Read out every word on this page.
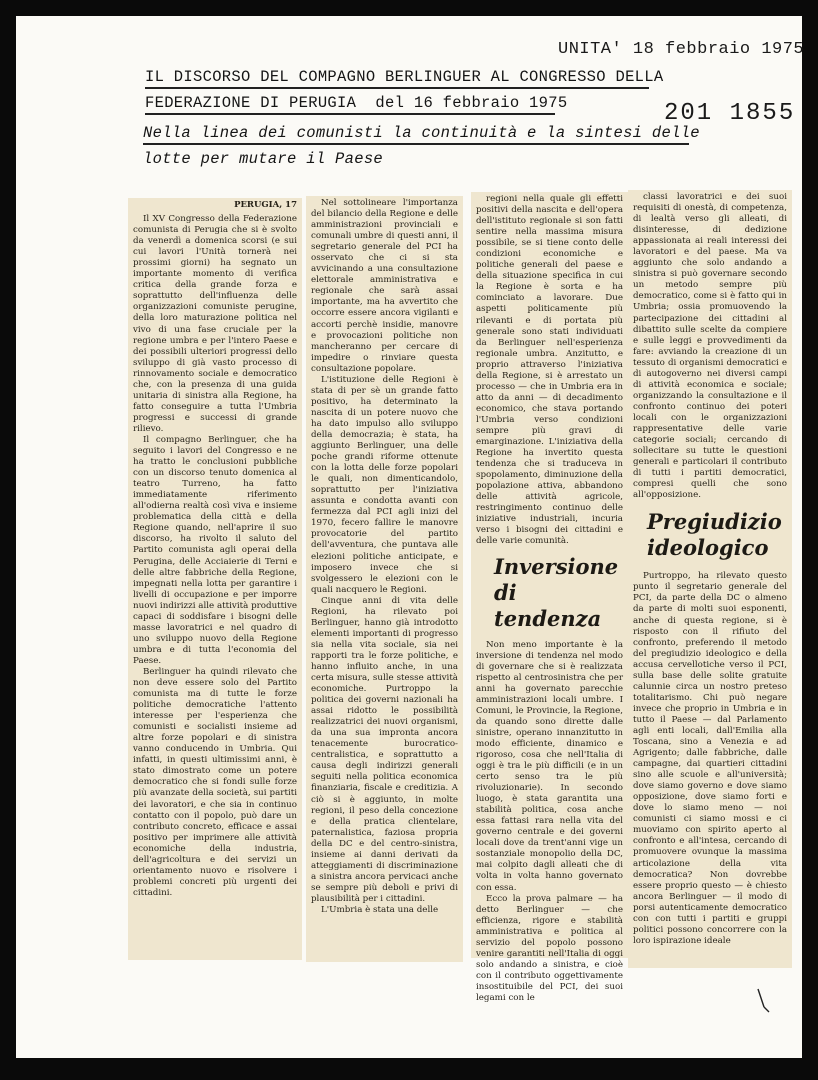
UNITA' 18 febbraio 1975
201 1855
IL DISCORSO DEL COMPAGNO BERLINGUER AL CONGRESSO DELLA
FEDERAZIONE DI PERUGIA  del 16 febbraio 1975
Nella linea dei comunisti la continuità e la sintesi delle
lotte per mutare il Paese
PERUGIA, 17

Il XV Congresso della Federazione comunista di Perugia che si è svolto da venerdì a domenica scorsi (e sui cui lavori l'Unità tornerà nei prossimi giorni) ha segnato un importante momento di verifica critica della grande forza e soprattutto dell'influenza delle organizzazioni comuniste perugine, della loro maturazione politica nel vivo di una fase cruciale per la regione umbra e per l'intero Paese e dei possibili ulteriori progressi dello sviluppo di già vasto processo di rinnovamento sociale e democratico che, con la presenza di una guida unitaria di sinistra alla Regione, ha fatto conseguire a tutta l'Umbria progressi e successi di grande rilievo.

Il compagno Berlinguer, che ha seguito i lavori del Congresso e ne ha tratto le conclusioni pubbliche con un discorso tenuto domenica al teatro Turreno, ha fatto immediatamente riferimento all'odierna realtà così viva e insieme problematica della città e della Regione quando, nell'aprire il suo discorso, ha rivolto il saluto del Partito comunista agli operai della Perugina, delle Acciaierie di Terni e delle altre fabbriche della Regione, impegnati nella lotta per garantire i livelli di occupazione e per imporre nuovi indirizzi alle attività produttive capaci di soddisfare i bisogni delle masse lavoratrici e nel quadro di uno sviluppo nuovo della Regione umbra e di tutta l'economia del Paese.

Berlinguer ha quindi rilevato che non deve essere solo del Partito comunista ma di tutte le forze politiche democratiche l'attento interesse per l'esperienza che comunisti e socialisti insieme ad altre forze popolari e di sinistra vanno conducendo in Umbria. Qui infatti, in questi ultimissimi anni, è stato dimostrato come un potere democratico che si fondi sulle forze più avanzate della società, sui partiti dei lavoratori, e che sia in continuo contatto con il popolo, può dare un contributo concreto, efficace e assai positivo per imprimere alle attività economiche della industria, dell'agricoltura e dei servizi un orientamento nuovo e risolvere i problemi concreti più urgenti dei cittadini.

Nel sottolineare l'importanza del bilancio della Regione e delle amministrazioni provinciali e comunali umbre di questi anni, il segretario generale del PCI ha osservato che ci si sta avvicinando a una consultazione elettorale amministrativa e regionale che sarà assai importante, ma ha avvertito che occorre essere ancora vigilanti e accorti perchè insidie, manovre e provocazioni politiche non mancheranno per cercare di impedire o rinviare questa consultazione popolare.

L'istituzione delle Regioni è stata di per sè un grande fatto positivo, ha determinato la nascita di un potere nuovo che ha dato impulso allo sviluppo della democrazia; è stata, ha aggiunto Berlinguer, una delle poche grandi riforme ottenute con la lotta delle forze popolari le quali, non dimenticandolo, soprattutto per l'iniziativa assunta e condotta avanti con fermezza dal PCI agli inizi del 1970, fecero fallire le manovre provocatorie del partito dell'avventura, che puntava alle elezioni politiche anticipate, e imposero invece che si svolgessero le elezioni con le quali nacquero le Regioni.

Cinque anni di vita delle Regioni, ha rilevato poi Berlinguer, hanno già introdotto elementi importanti di progresso sia nella vita sociale, sia nei rapporti tra le forze politiche, e hanno influito anche, in una certa misura, sulle stesse attività economiche. Purtroppo la politica dei governi nazionali ha assai ridotto le possibilità realizzatrici dei nuovi organismi, da una sua impronta ancora tenacemente burocratico-centralistica, e soprattutto a causa degli indirizzi generali seguiti nella politica economica finanziaria, fiscale e creditizia. A ciò si è aggiunto, in molte regioni, il peso della concezione e della pratica clientelare, paternalistica, faziosa propria della DC e del centro-sinistra, insieme ai danni derivati da atteggiamenti di discriminazione a sinistra ancora pervicaci anche se sempre più deboli e privi di plausibilità per i cittadini.

L'Umbria è stata una delle

regioni nella quale gli effetti positivi della nascita e dell'opera dell'istituto regionale si son fatti sentire nella massima misura possibile, se si tiene conto delle condizioni economiche e politiche generali del paese e della situazione specifica in cui la Regione è sorta e ha cominciato a lavorare. Due aspetti politicamente più rilevanti e di portata più generale sono stati individuati da Berlinguer nell'esperienza regionale umbra. Anzitutto, e proprio attraverso l'iniziativa della Regione, si è arrestato un processo — che in Umbria era in atto da anni — di decadimento economico, che stava portando l'Umbria verso condizioni sempre più gravi di emarginazione. L'iniziativa della Regione ha invertito questa tendenza che si traduceva in spopolamento, diminuzione della popolazione attiva, abbandono delle attività agricole, restringimento continuo delle iniziative industriali, incuria verso i bisogni dei cittadini e delle varie comunità.

Inversione di tendenza

Non meno importante è la inversione di tendenza nel modo di governare che si è realizzata rispetto al centrosinistra che per anni ha governato parecchie amministrazioni locali umbre. I Comuni, le Provincie, la Regione, da quando sono dirette dalle sinistre, operano innanzitutto in modo efficiente, dinamico e rigoroso, cosa che nell'Italia di oggi è tra le più difficili (e in un certo senso tra le più rivoluzionarie). In secondo luogo, è stata garantita una stabilità politica, cosa anche essa fattasi rara nella vita del governo centrale e dei governi locali dove da trent'anni vige un sostanziale monopolio della DC, mai colpito dagli alleati che di volta in volta hanno governato con essa.

Ecco la prova palmare — ha detto Berlinguer — che efficienza, rigore e stabilità amministrativa e politica al servizio del popolo possono venire garantiti nell'Italia di oggi solo andando a sinistra, e cioè con il contributo oggettivamente insostituibile del PCI, dei suoi legami con le

classi lavoratrici e dei suoi requisiti di onestà, di competenza, di lealtà verso gli alleati, di disinteresse, di dedizione appassionata ai reali interessi dei lavoratori e del paese. Ma va aggiunto che solo andando a sinistra si può governare secondo un metodo sempre più democratico, come si è fatto qui in Umbria; ossia promuovendo la partecipazione dei cittadini al dibattito sulle scelte da compiere e sulle leggi e provvedimenti da fare: avviando la creazione di un tessuto di organismi democratici e di autogoverno nei diversi campi di attività economica e sociale; organizzando la consultazione e il confronto continuo dei poteri locali con le organizzazioni rappresentative delle varie categorie sociali; cercando di sollecitare su tutte le questioni generali e particolari il contributo di tutti i partiti democratici, compresi quelli che sono all'opposizione.

Pregiudizio ideologico

Purtroppo, ha rilevato questo punto il segretario generale del PCI, da parte della DC o almeno da parte di molti suoi esponenti, anche di questa regione, si è risposto con il rifiuto del confronto, preferendo il metodo del pregiudizio ideologico e della accusa cervellotiche verso il PCI, sulla base delle solite gratuite calunnie circa un nostro preteso totalitarismo. Chi può negare invece che proprio in Umbria e in tutto il Paese — dal Parlamento agli enti locali, dall'Emilia alla Toscana, sino a Venezia e ad Agrigento; dalle fabbriche, dalle campagne, dai quartieri cittadini sino alle scuole e all'università; dove siamo governo e dove siamo opposizione, dove siamo forti e dove lo siamo meno — noi comunisti ci siamo mossi e ci muoviamo con spirito aperto al confronto e all'intesa, cercando di promuovere ovunque la massima articolazione della vita democratica? Non dovrebbe essere proprio questo — è chiesto ancora Berlinguer — il modo di porsi autenticamente democratico con con tutti i partiti e gruppi politici possono concorrere con la loro ispirazione ideale
